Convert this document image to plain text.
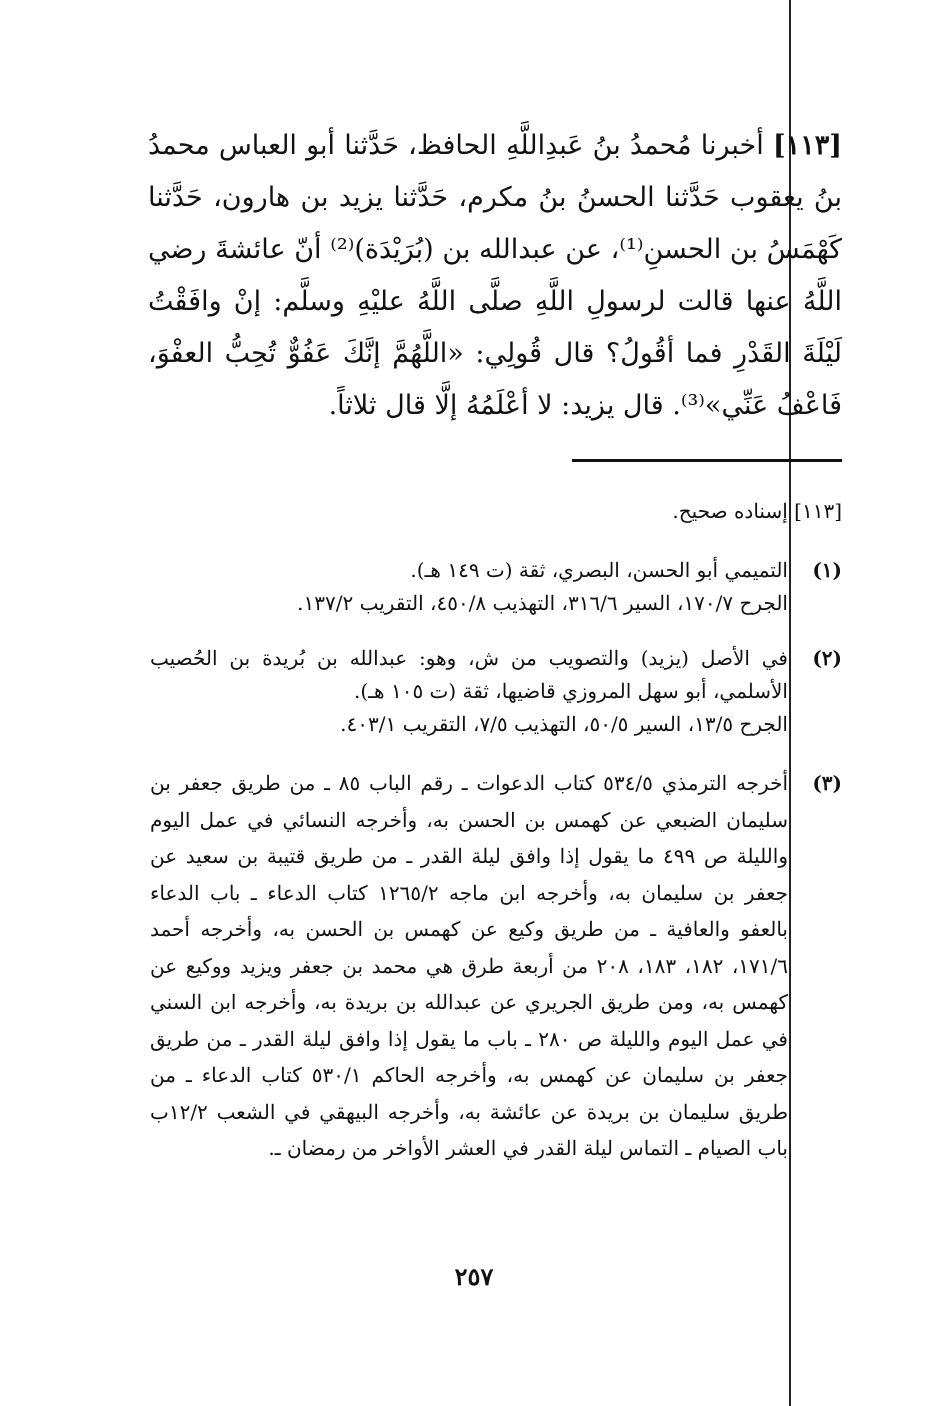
[١١٣] أخبرنا مُحمدُ بنُ عَبدِاللَّهِ الحافظ، حَدَّثنا أبو العباس محمدُ بنُ يعقوب حَدَّثنا الحسنُ بنُ مكرم، حَدَّثنا يزيد بن هارون، حَدَّثنا كَهْمَسُ بن الحسنِ⁽¹⁾، عن عبدالله بن (بُرَيْدَة)⁽²⁾ أنّ عائشةَ رضي اللَّهُ عنها قالت لرسولِ اللَّهِ صلَّى اللَّهُ عليْهِ وسلَّم: إنْ وافَقْتُ لَيْلَةَ القَدْرِ فما أقُولُ؟ قال قُولِي: «اللَّهُمَّ إنَّكَ عَفُوٌّ تُحِبُّ العفْوَ، فَاعْفُ عَنِّي»⁽³⁾. قال يزيد: لا أعْلَمُهُ إلَّا قال ثلاثاً.
[١١٣] إسناده صحيح.
(١)

التميمي أبو الحسن، البصري، ثقة (ت ١٤٩ هـ).

الجرح ١٧٠/٧، السير ٣١٦/٦، التهذيب ٤٥٠/٨، التقريب ١٣٧/٢.

(٢)

في الأصل (يزيد) والتصويب من ش، وهو: عبدالله بن بُريدة بن الحُصيب الأسلمي، أبو سهل المروزي قاضيها، ثقة (ت ١٠٥ هـ).

الجرح ١٣/٥، السير ٥٠/٥، التهذيب ٧/٥، التقريب ٤٠٣/١.

(٣)

أخرجه الترمذي ٥٣٤/٥ كتاب الدعوات ـ رقم الباب ٨٥ ـ من طريق جعفر بن سليمان الضبعي عن كهمس بن الحسن به، وأخرجه النسائي في عمل اليوم والليلة ص ٤٩٩ ما يقول إذا وافق ليلة القدر ـ من طريق قتيبة بن سعيد عن جعفر بن سليمان به، وأخرجه ابن ماجه ١٢٦٥/٢ كتاب الدعاء ـ باب الدعاء بالعفو والعافية ـ من طريق وكيع عن كهمس بن الحسن به، وأخرجه أحمد ١٧١/٦، ١٨٢، ١٨٣، ٢٠٨ من أربعة طرق هي محمد بن جعفر ويزيد ووكيع عن كهمس به، ومن طريق الجريري عن عبدالله بن بريدة به، وأخرجه ابن السني في عمل اليوم والليلة ص ٢٨٠ ـ باب ما يقول إذا وافق ليلة القدر ـ من طريق جعفر بن سليمان عن كهمس به، وأخرجه الحاكم ٥٣٠/١ كتاب الدعاء ـ من طريق سليمان بن بريدة عن عائشة به، وأخرجه البيهقي في الشعب ١٢/٢ب باب الصيام ـ التماس ليلة القدر في العشر الأواخر من رمضان ـ.

٢٥٧
